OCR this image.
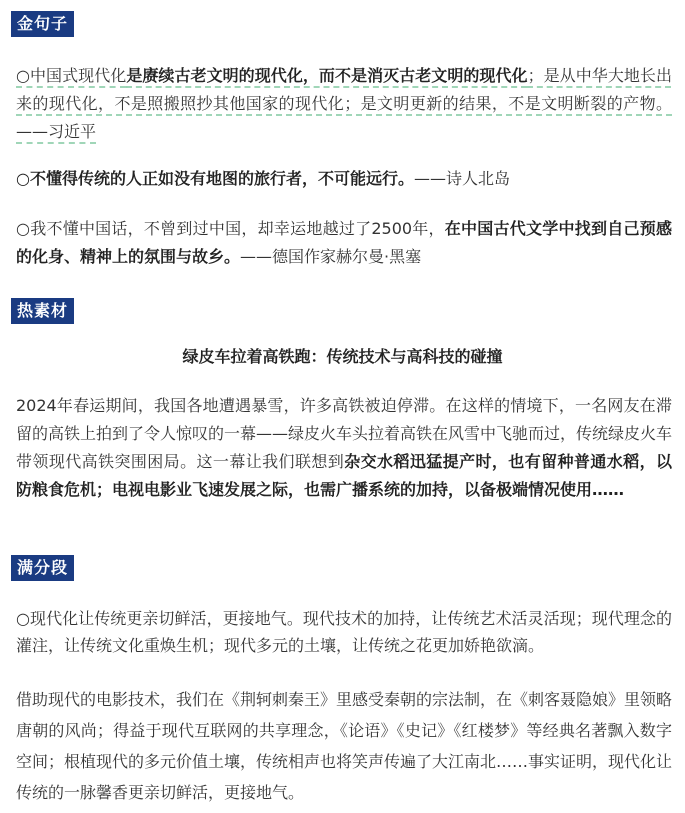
金句子
○中国式现代化是赓续古老文明的现代化，而不是消灭古老文明的现代化；是从中华大地长出来的现代化，不是照搬照抄其他国家的现代化；是文明更新的结果，不是文明断裂的产物。——习近平
○不懂得传统的人正如没有地图的旅行者，不可能远行。——诗人北岛
○我不懂中国话，不曾到过中国，却幸运地越过了2500年，在中国古代文学中找到自己预感的化身、精神上的氛围与故乡。——德国作家赫尔曼·黑塞
热素材
绿皮车拉着高铁跑：传统技术与高科技的碰撞
2024年春运期间，我国各地遭遇暴雪，许多高铁被迫停滞。在这样的情境下，一名网友在滞留的高铁上拍到了令人惊叹的一幕——绿皮火车头拉着高铁在风雪中飞驰而过，传统绿皮火车带领现代高铁突围困局。这一幕让我们联想到杂交水稻迅猛提产时，也有留种普通水稻，以防粮食危机；电视电影业飞速发展之际，也需广播系统的加持，以备极端情况使用……
满分段
○现代化让传统更亲切鲜活，更接地气。现代技术的加持，让传统艺术活灵活现；现代理念的灌注，让传统文化重焕生机；现代多元的土壤，让传统之花更加娇艳欲滴。
借助现代的电影技术，我们在《荆轲刺秦王》里感受秦朝的宗法制，在《刺客聂隐娘》里领略唐朝的风尚；得益于现代互联网的共享理念，《论语》《史记》《红楼梦》等经典名著飘入数字空间；根植现代的多元价值土壤，传统相声也将笑声传遍了大江南北……事实证明，现代化让传统的一脉馨香更亲切鲜活，更接地气。
